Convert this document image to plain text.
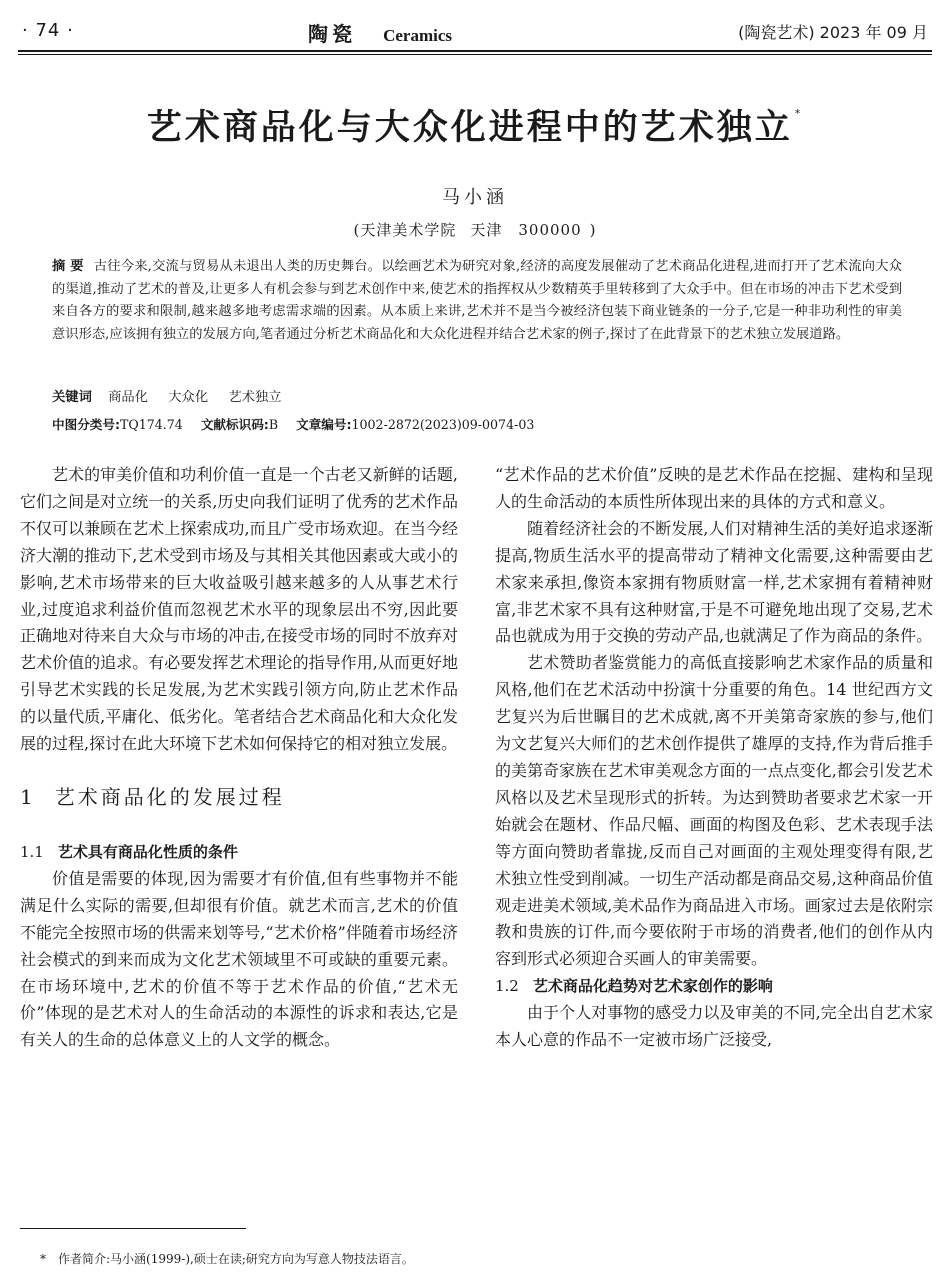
· 74 ·	陶瓷 Ceramics	(陶瓷艺术) 2023 年 09 月
艺术商品化与大众化进程中的艺术独立 *
马小涵
(天津美术学院 天津 300000 )
摘 要 古往今来,交流与贸易从未退出人类的历史舞台。以绘画艺术为研究对象,经济的高度发展催动了艺术商品化进程,进而打开了艺术流向大众的渠道,推动了艺术的普及,让更多人有机会参与到艺术创作中来,使艺术的指挥权从少数精英手里转移到了大众手中。但在市场的冲击下艺术受到来自各方的要求和限制,越来越多地考虑需求端的因素。从本质上来讲,艺术并不是当今被经济包装下商业链条的一分子,它是一种非功利性的审美意识形态,应该拥有独立的发展方向,笔者通过分析艺术商品化和大众化进程并结合艺术家的例子,探讨了在此背景下的艺术独立发展道路。
关键词 商品化 大众化 艺术独立
中图分类号:TQ174.74 文献标识码:B 文章编号:1002-2872(2023)09-0074-03

艺术的审美价值和功利价值一直是一个古老又新鲜的话题,它们之间是对立统一的关系,历史向我们证明了优秀的艺术作品不仅可以兼顾在艺术上探索成功,而且广受市场欢迎。在当今经济大潮的推动下,艺术受到市场及与其相关其他因素或大或小的影响,艺术市场带来的巨大收益吸引越来越多的人从事艺术行业,过度追求利益价值而忽视艺术水平的现象层出不穷,因此要正确地对待来自大众与市场的冲击,在接受市场的同时不放弃对艺术价值的追求。有必要发挥艺术理论的指导作用,从而更好地引导艺术实践的长足发展,为艺术实践引领方向,防止艺术作品的以量代质,平庸化、低劣化。笔者结合艺术商品化和大众化发展的过程,探讨在此大环境下艺术如何保持它的相对独立发展。

1 艺术商品化的发展过程
1.1 艺术具有商品化性质的条件

价值是需要的体现,因为需要才有价值,但有些事物并不能满足什么实际的需要,但却很有价值。就艺术而言,艺术的价值不能完全按照市场的供需来划等号,“艺术价格”伴随着市场经济社会模式的到来而成为文化艺术领域里不可或缺的重要元素。在市场环境中,艺术的价值不等于艺术作品的价值,“艺术无价”体现的是艺术对人的生命活动的本源性的诉求和表达,它是有关人的生命的总体意义上的人文学的概念。

“艺术作品的艺术价值”反映的是艺术作品在挖掘、建构和呈现人的生命活动的本质性所体现出来的具体的方式和意义。

随着经济社会的不断发展,人们对精神生活的美好追求逐渐提高,物质生活水平的提高带动了精神文化需要,这种需要由艺术家来承担,像资本家拥有物质财富一样,艺术家拥有着精神财富,非艺术家不具有这种财富,于是不可避免地出现了交易,艺术品也就成为用于交换的劳动产品,也就满足了作为商品的条件。

艺术赞助者鉴赏能力的高低直接影响艺术家作品的质量和风格,他们在艺术活动中扮演十分重要的角色。14 世纪西方文艺复兴为后世瞩目的艺术成就,离不开美第奇家族的参与,他们为文艺复兴大师们的艺术创作提供了雄厚的支持,作为背后推手的美第奇家族在艺术审美观念方面的一点点变化,都会引发艺术风格以及艺术呈现形式的折转。为达到赞助者要求艺术家一开始就会在题材、作品尺幅、画面的构图及色彩、艺术表现手法等方面向赞助者靠拢,反而自己对画面的主观处理变得有限,艺术独立性受到削减。一切生产活动都是商品交易,这种商品价值观走进美术领域,美术品作为商品进入市场。画家过去是依附宗教和贵族的订件,而今要依附于市场的消费者,他们的创作从内容到形式必须迎合买画人的审美需要。

1.2 艺术商品化趋势对艺术家创作的影响

由于个人对事物的感受力以及审美的不同,完全出自艺术家本人心意的作品不一定被市场广泛接受,

* 作者简介:马小涵(1999-),硕士在读;研究方向为写意人物技法语言。
